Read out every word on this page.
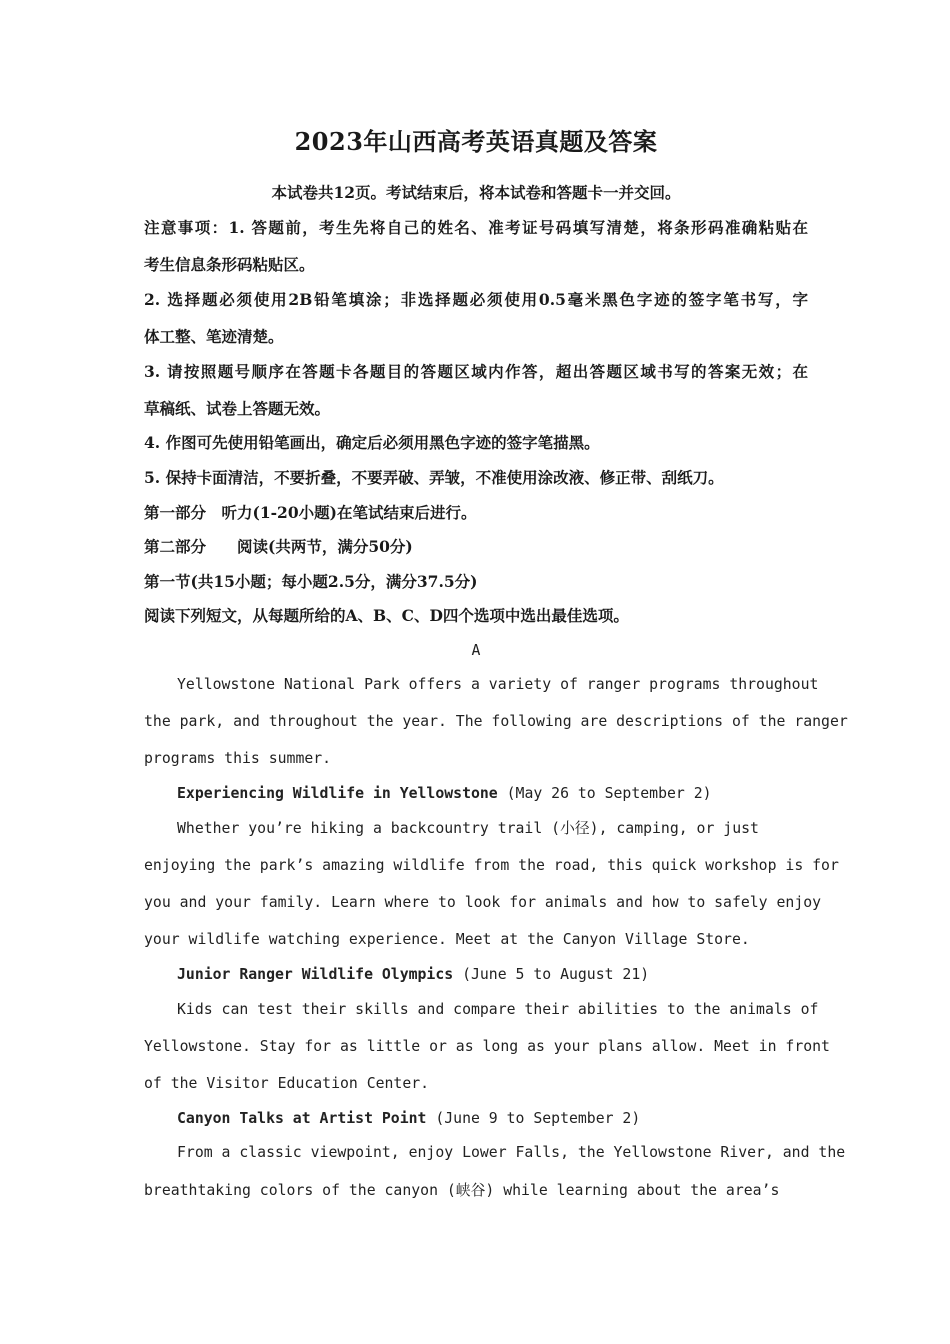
2023年山西高考英语真题及答案
本试卷共12页。考试结束后，将本试卷和答题卡一并交回。
注意事项：1. 答题前，考生先将自己的姓名、准考证号码填写清楚，将条形码准确粘贴在
考生信息条形码粘贴区。
2. 选择题必须使用2B铅笔填涂；非选择题必须使用0.5毫米黑色字迹的签字笔书写，字
体工整、笔迹清楚。
3. 请按照题号顺序在答题卡各题目的答题区域内作答，超出答题区域书写的答案无效；在
草稿纸、试卷上答题无效。
4. 作图可先使用铅笔画出，确定后必须用黑色字迹的签字笔描黑。
5. 保持卡面清洁，不要折叠，不要弄破、弄皱，不准使用涂改液、修正带、刮纸刀。
第一部分　听力(1-20小题)在笔试结束后进行。
第二部分　　阅读(共两节，满分50分)
第一节(共15小题；每小题2.5分，满分37.5分)
阅读下列短文，从每题所给的A、B、C、D四个选项中选出最佳选项。
A
Yellowstone National Park offers a variety of ranger programs throughout
the park, and throughout the year. The following are descriptions of the ranger
programs this summer.
Experiencing Wildlife in Yellowstone (May 26 to September 2)
Whether you’re hiking a backcountry trail (小径), camping, or just
enjoying the park’s amazing wildlife from the road, this quick workshop is for
you and your family. Learn where to look for animals and how to safely enjoy
your wildlife watching experience. Meet at the Canyon Village Store.
Junior Ranger Wildlife Olympics (June 5 to August 21)
Kids can test their skills and compare their abilities to the animals of
Yellowstone. Stay for as little or as long as your plans allow. Meet in front
of the Visitor Education Center.
Canyon Talks at Artist Point (June 9 to September 2)
From a classic viewpoint, enjoy Lower Falls, the Yellowstone River, and the
breathtaking colors of the canyon (峡谷) while learning about the area’s
